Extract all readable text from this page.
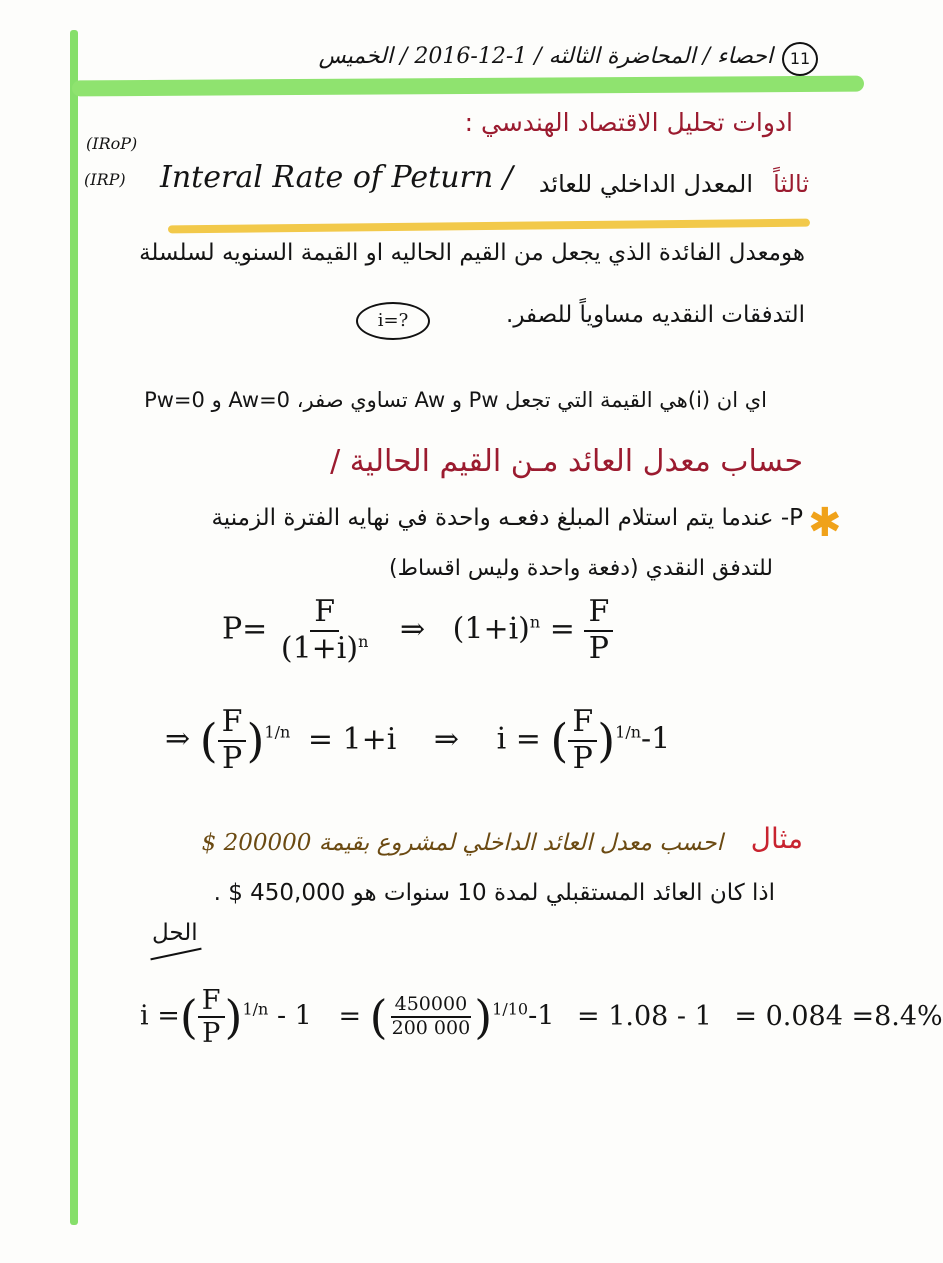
11
احصاء / المحاضرة الثالثه / 1-12-2016 / الخميس
ادوات تحليل الاقتصاد الهندسي :
(IRoP)
(IRP) Interal Rate of Peturn / المعدل الداخلي للعائد ثالثاً
هومعدل الفائدة الذي يجعل من القيم الحاليه او القيمة السنويه لسلسلة
التدفقات النقديه مساوياً للصفر.
i=?
اي ان (i)هي القيمة التي تجعل Pw و Aw تساوي صفر، Aw=0 و Pw=0
حساب معدل العائد مـن القيم الحالية /
✱
P- عندما يتم استلام المبلغ دفعـه واحدة في نهايه الفترة الزمنية
للتدفق النقدي (دفعة واحدة وليس اقساط)
$P= \frac{F}{(1+i)^n}$ ⇒ $(1+i)^n = \frac{F}{P}$
⇒ ( $\frac{F}{P} )^{1/n} = 1+i$ ⇒ i = ( $\frac{F}{P} )^{1/n}-1$
مثال
احسب معدل العائد الداخلي لمشروع بقيمة 200000 $
اذا كان العائد المستقبلي لمدة 10 سنوات هو 450,000 $ .
الحل
i =( $\frac{F}{P} )^{1/n} - 1$ = ( $\frac{450000}{200 000} )^{1/10}-1 = 1.08 - 1 = 0.084 =8.4\%$
